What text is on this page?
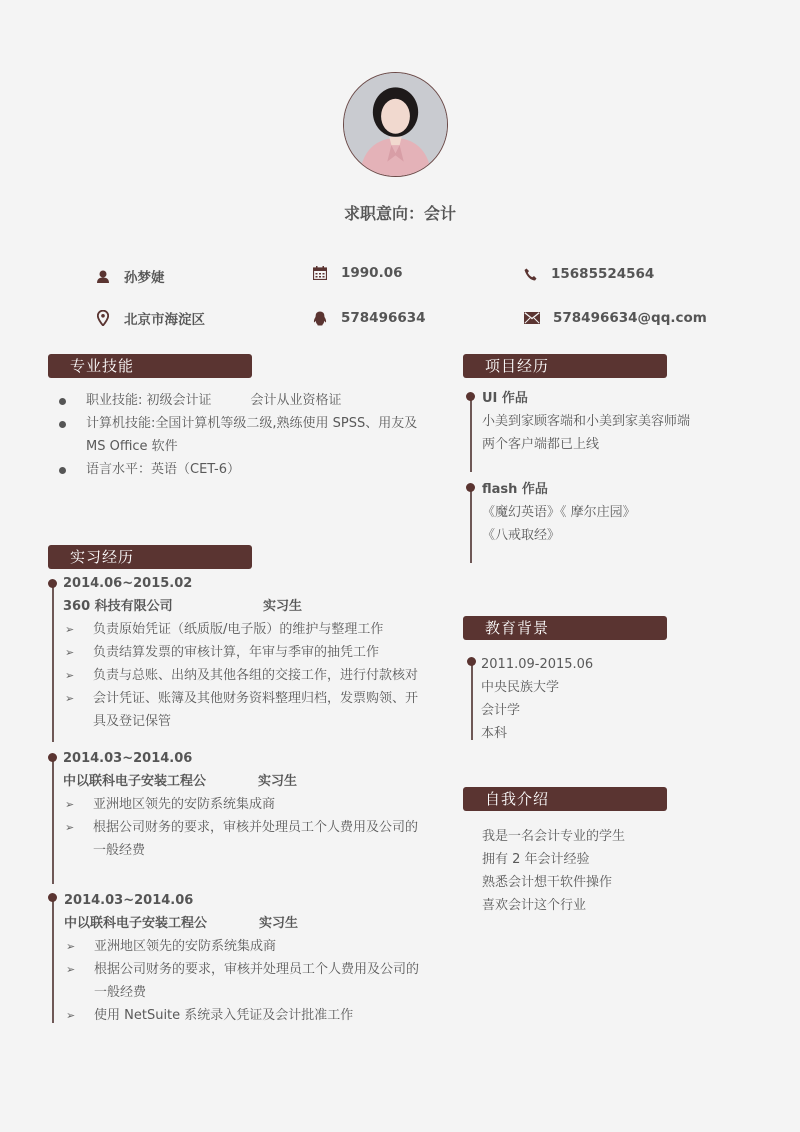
求职意向：会计
孙梦婕	1990.06	15685524564
北京市海淀区	578496634	578496634@qq.com
专业技能
职业技能: 初级会计证　　　会计从业资格证
计算机技能:全国计算机等级二级,熟练使用 SPSS、用友及
MS Office 软件
语言水平：英语（CET-6）
项目经历
UI 作品
小美到家顾客端和小美到家美容师端
两个客户端都已上线
flash 作品
《魔幻英语》《 摩尔庄园》
《八戒取经》
实习经历
2014.06~2015.02
360 科技有限公司	实习生
➢ 负责原始凭证（纸质版/电子版）的维护与整理工作
➢ 负责结算发票的审核计算，年审与季审的抽凭工作
➢ 负责与总账、出纳及其他各组的交接工作，进行付款核对
➢ 会计凭证、账簿及其他财务资料整理归档，发票购领、开
具及登记保管
2014.03~2014.06
中以联科电子安装工程公	实习生
➢ 亚洲地区领先的安防系统集成商
➢ 根据公司财务的要求，审核并处理员工个人费用及公司的
一般经费
2014.03~2014.06
中以联科电子安装工程公	实习生
➢ 亚洲地区领先的安防系统集成商
➢ 根据公司财务的要求，审核并处理员工个人费用及公司的
一般经费
➢ 使用 NetSuite 系统录入凭证及会计批准工作
教育背景
2011.09-2015.06
中央民族大学
会计学
本科
自我介绍
我是一名会计专业的学生
拥有 2 年会计经验
熟悉会计想干软件操作
喜欢会计这个行业
